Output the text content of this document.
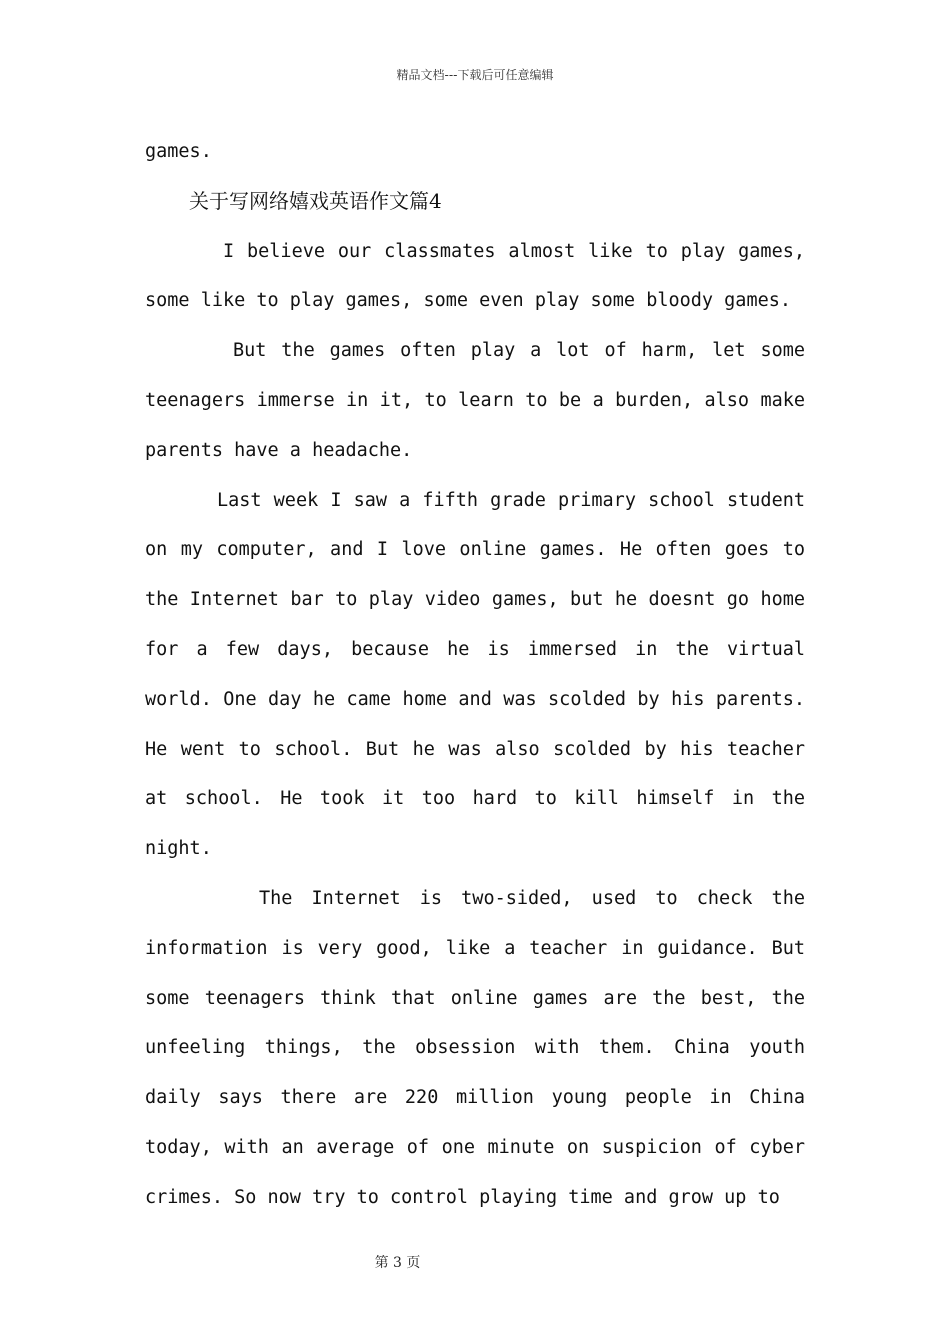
精品文档---下载后可任意编辑

games.

关于写网络嬉戏英语作文篇4

I believe our classmates almost like to play games, some like to play games, some even play some bloody games.

But the games often play a lot of harm, let some teenagers immerse in it, to learn to be a burden, also make parents have a headache.

Last week I saw a fifth grade primary school student on my computer, and I love online games. He often goes to the Internet bar to play video games, but he doesnt go home for a few days, because he is immersed in the virtual world. One day he came home and was scolded by his parents. He went to school. But he was also scolded by his teacher at school. He took it too hard to kill himself in the night.

The Internet is two-sided, used to check the information is very good, like a teacher in guidance. But some teenagers think that online games are the best, the unfeeling things, the obsession with them. China youth daily says there are 220 million young people in China today, with an average of one minute on suspicion of cyber crimes. So now try to control playing time and grow up to

第 3 页
